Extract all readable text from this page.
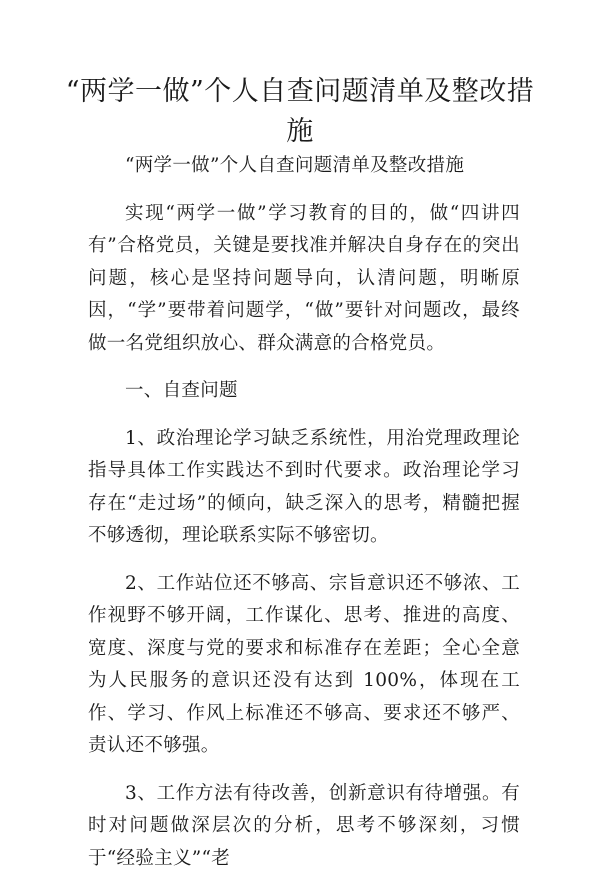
“两学一做”个人自查问题清单及整改措施

“两学一做”个人自查问题清单及整改措施

实现“两学一做”学习教育的目的，做“四讲四有”合格党员，关键是要找准并解决自身存在的突出问题，核心是坚持问题导向，认清问题，明晰原因，“学”要带着问题学，“做”要针对问题改，最终做一名党组织放心、群众满意的合格党员。

一、自查问题

1、政治理论学习缺乏系统性，用治党理政理论指导具体工作实践达不到时代要求。政治理论学习存在“走过场”的倾向，缺乏深入的思考，精髓把握不够透彻，理论联系实际不够密切。

2、工作站位还不够高、宗旨意识还不够浓、工作视野不够开阔，工作谋化、思考、推进的高度、宽度、深度与党的要求和标准存在差距；全心全意为人民服务的意识还没有达到 100%，体现在工作、学习、作风上标准还不够高、要求还不够严、责认还不够强。

3、工作方法有待改善，创新意识有待增强。有时对问题做深层次的分析，思考不够深刻，习惯于“经验主义”“老
